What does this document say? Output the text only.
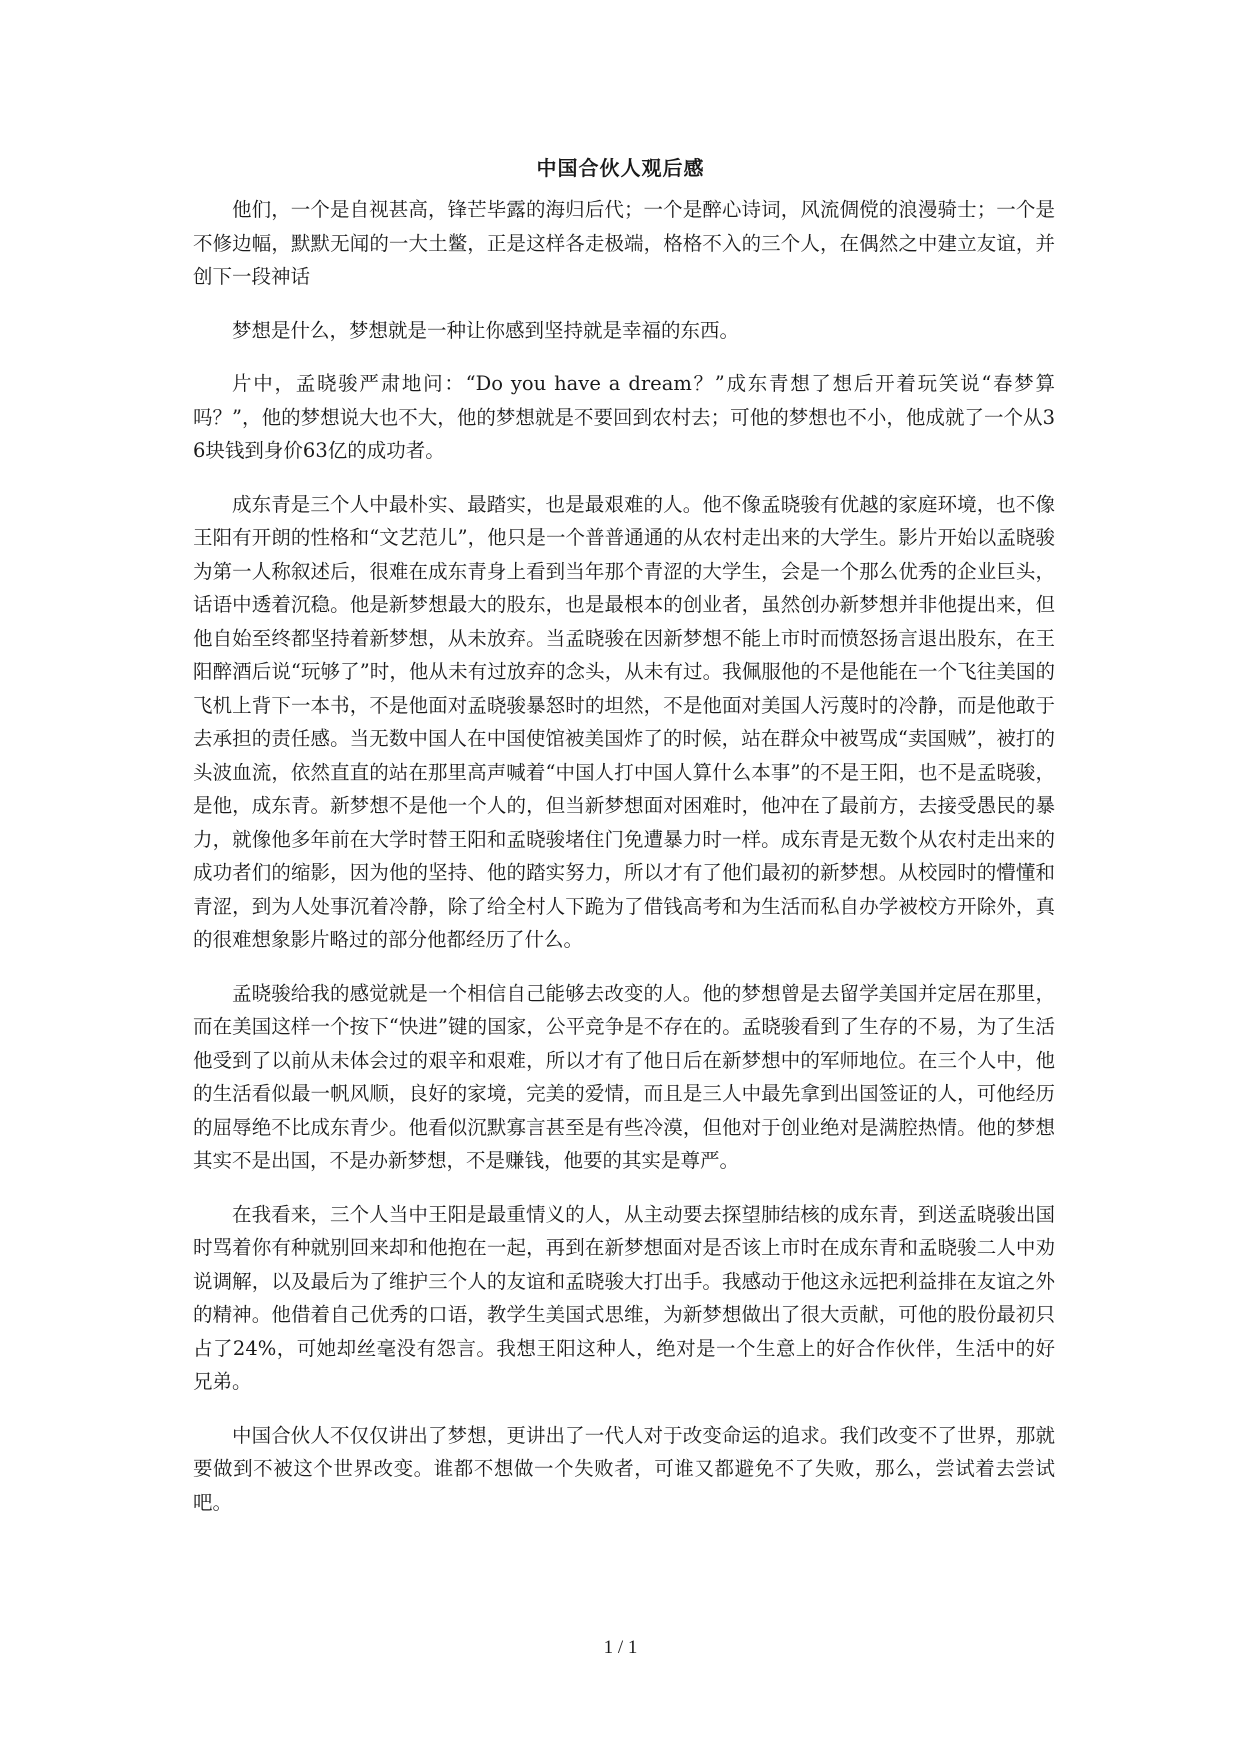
中国合伙人观后感

他们，一个是自视甚高，锋芒毕露的海归后代；一个是醉心诗词，风流倜傥的浪漫骑士；一个是不修边幅，默默无闻的一大土鳖，正是这样各走极端，格格不入的三个人，在偶然之中建立友谊，并创下一段神话

梦想是什么，梦想就是一种让你感到坚持就是幸福的东西。

片中，孟晓骏严肃地问：“Do you have a dream？”成东青想了想后开着玩笑说“春梦算吗？”，他的梦想说大也不大，他的梦想就是不要回到农村去；可他的梦想也不小，他成就了一个从36块钱到身价63亿的成功者。

成东青是三个人中最朴实、最踏实，也是最艰难的人。他不像孟晓骏有优越的家庭环境，也不像王阳有开朗的性格和“文艺范儿”，他只是一个普普通通的从农村走出来的大学生。影片开始以孟晓骏为第一人称叙述后，很难在成东青身上看到当年那个青涩的大学生，会是一个那么优秀的企业巨头，话语中透着沉稳。他是新梦想最大的股东，也是最根本的创业者，虽然创办新梦想并非他提出来，但他自始至终都坚持着新梦想，从未放弃。当孟晓骏在因新梦想不能上市时而愤怒扬言退出股东，在王阳醉酒后说“玩够了”时，他从未有过放弃的念头，从未有过。我佩服他的不是他能在一个飞往美国的飞机上背下一本书，不是他面对孟晓骏暴怒时的坦然，不是他面对美国人污蔑时的冷静，而是他敢于去承担的责任感。当无数中国人在中国使馆被美国炸了的时候，站在群众中被骂成“卖国贼”，被打的头波血流，依然直直的站在那里高声喊着“中国人打中国人算什么本事”的不是王阳，也不是孟晓骏，是他，成东青。新梦想不是他一个人的，但当新梦想面对困难时，他冲在了最前方，去接受愚民的暴力，就像他多年前在大学时替王阳和孟晓骏堵住门免遭暴力时一样。成东青是无数个从农村走出来的成功者们的缩影，因为他的坚持、他的踏实努力，所以才有了他们最初的新梦想。从校园时的懵懂和青涩，到为人处事沉着冷静，除了给全村人下跪为了借钱高考和为生活而私自办学被校方开除外，真的很难想象影片略过的部分他都经历了什么。

孟晓骏给我的感觉就是一个相信自己能够去改变的人。他的梦想曾是去留学美国并定居在那里，而在美国这样一个按下“快进”键的国家，公平竞争是不存在的。孟晓骏看到了生存的不易，为了生活他受到了以前从未体会过的艰辛和艰难，所以才有了他日后在新梦想中的军师地位。在三个人中，他的生活看似最一帆风顺，良好的家境，完美的爱情，而且是三人中最先拿到出国签证的人，可他经历的屈辱绝不比成东青少。他看似沉默寡言甚至是有些冷漠，但他对于创业绝对是满腔热情。他的梦想其实不是出国，不是办新梦想，不是赚钱，他要的其实是尊严。

在我看来，三个人当中王阳是最重情义的人，从主动要去探望肺结核的成东青，到送孟晓骏出国时骂着你有种就别回来却和他抱在一起，再到在新梦想面对是否该上市时在成东青和孟晓骏二人中劝说调解，以及最后为了维护三个人的友谊和孟晓骏大打出手。我感动于他这永远把利益排在友谊之外的精神。他借着自己优秀的口语，教学生美国式思维，为新梦想做出了很大贡献，可他的股份最初只占了24%，可她却丝毫没有怨言。我想王阳这种人，绝对是一个生意上的好合作伙伴，生活中的好兄弟。

中国合伙人不仅仅讲出了梦想，更讲出了一代人对于改变命运的追求。我们改变不了世界，那就要做到不被这个世界改变。谁都不想做一个失败者，可谁又都避免不了失败，那么，尝试着去尝试吧。

1 / 1
